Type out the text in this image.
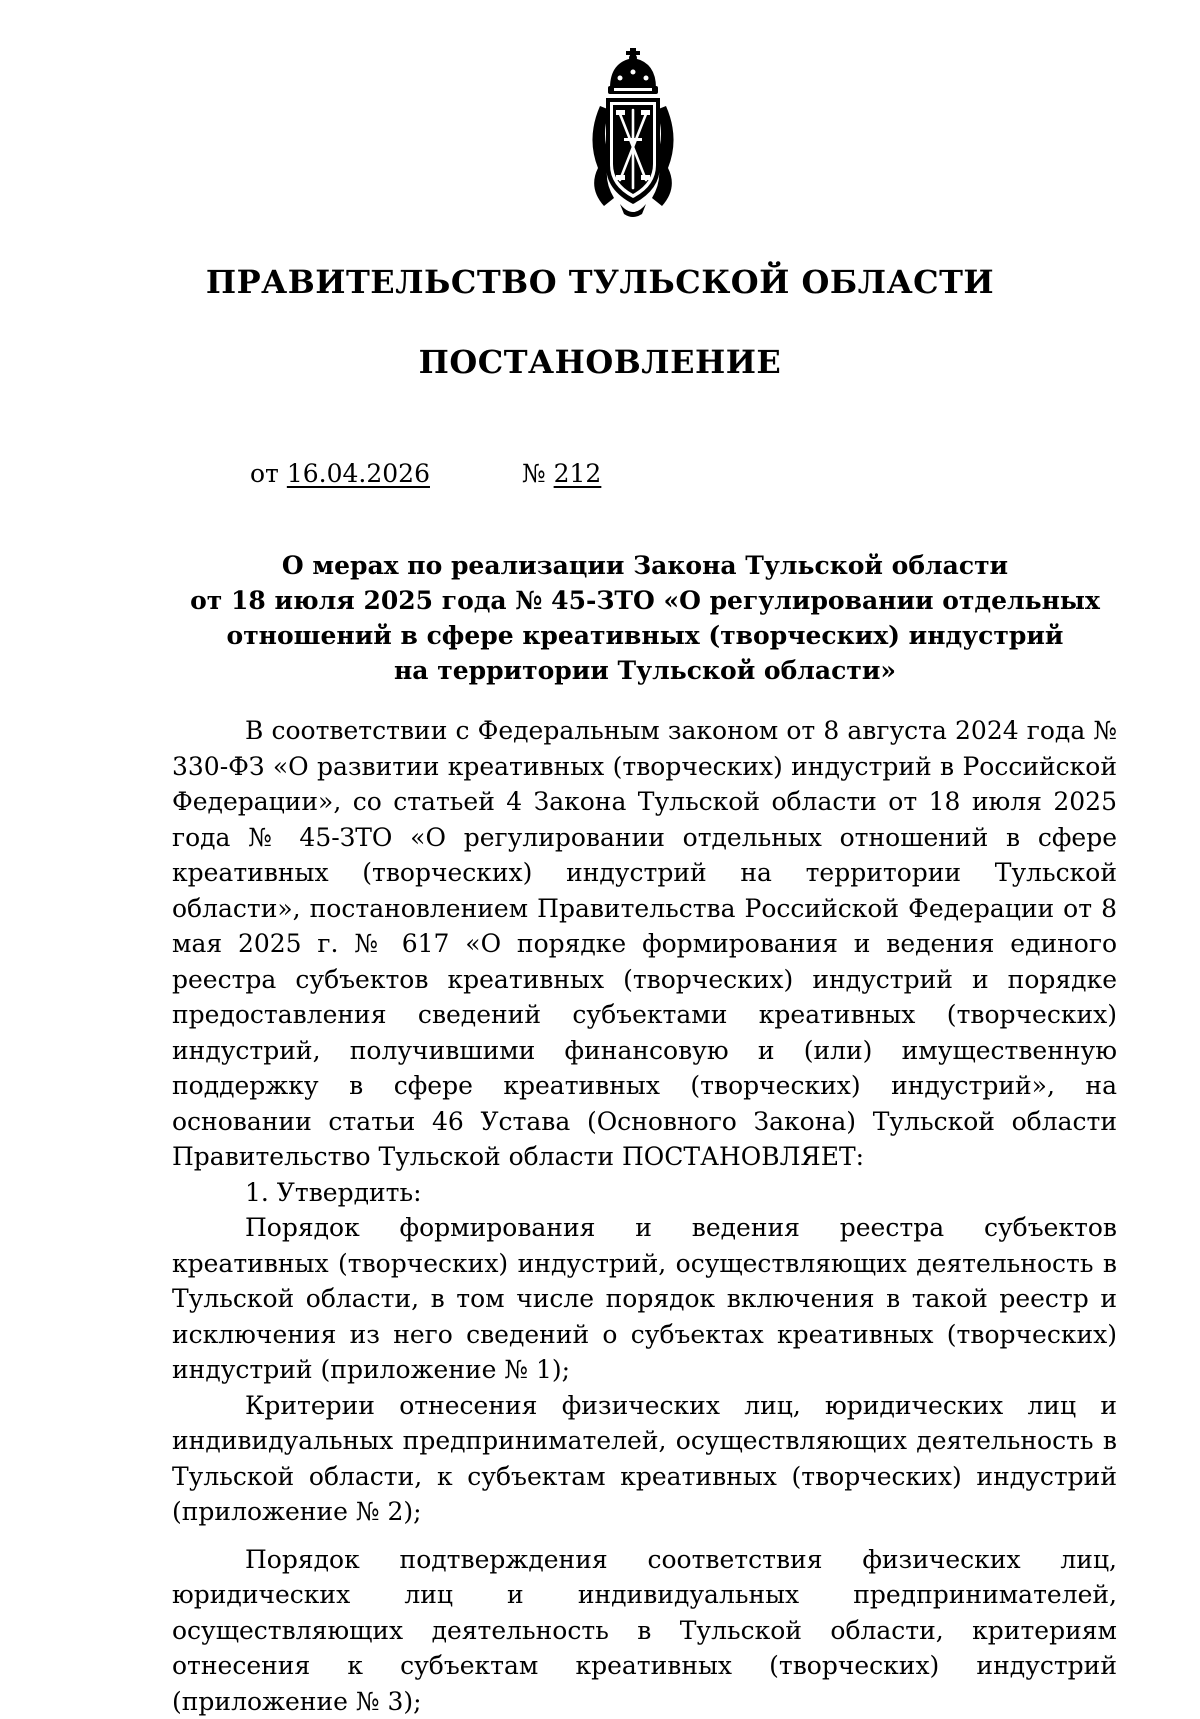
ПРАВИТЕЛЬСТВО ТУЛЬСКОЙ ОБЛАСТИ
ПОСТАНОВЛЕНИЕ
от 16.04.2026	№ 212
О мерах по реализации Закона Тульской области
от 18 июля 2025 года № 45-ЗТО «О регулировании отдельных
отношений в сфере креативных (творческих) индустрий
на территории Тульской области»

В соответствии с Федеральным законом от 8 августа 2024 года № 330-ФЗ «О развитии креативных (творческих) индустрий в Российской Федерации», со статьей 4 Закона Тульской области от 18 июля 2025 года № 45-ЗТО «О регулировании отдельных отношений в сфере креативных (творческих) индустрий на территории Тульской области», постановлением Правительства Российской Федерации от 8 мая 2025 г. № 617 «О порядке формирования и ведения единого реестра субъектов креативных (творческих) индустрий и порядке предоставления сведений субъектами креативных (творческих) индустрий, получившими финансовую и (или) имущественную поддержку в сфере креативных (творческих) индустрий», на основании статьи 46 Устава (Основного Закона) Тульской области Правительство Тульской области ПОСТАНОВЛЯЕТ:

1. Утвердить:

Порядок формирования и ведения реестра субъектов креативных (творческих) индустрий, осуществляющих деятельность в Тульской области, в том числе порядок включения в такой реестр и исключения из него сведений о субъектах креативных (творческих) индустрий (приложение № 1);

Критерии отнесения физических лиц, юридических лиц и индивидуальных предпринимателей, осуществляющих деятельность в Тульской области, к субъектам креативных (творческих) индустрий (приложение № 2);

Порядок подтверждения соответствия физических лиц, юридических лиц и индивидуальных предпринимателей, осуществляющих деятельность в Тульской области, критериям отнесения к субъектам креативных (творческих) индустрий (приложение № 3);
